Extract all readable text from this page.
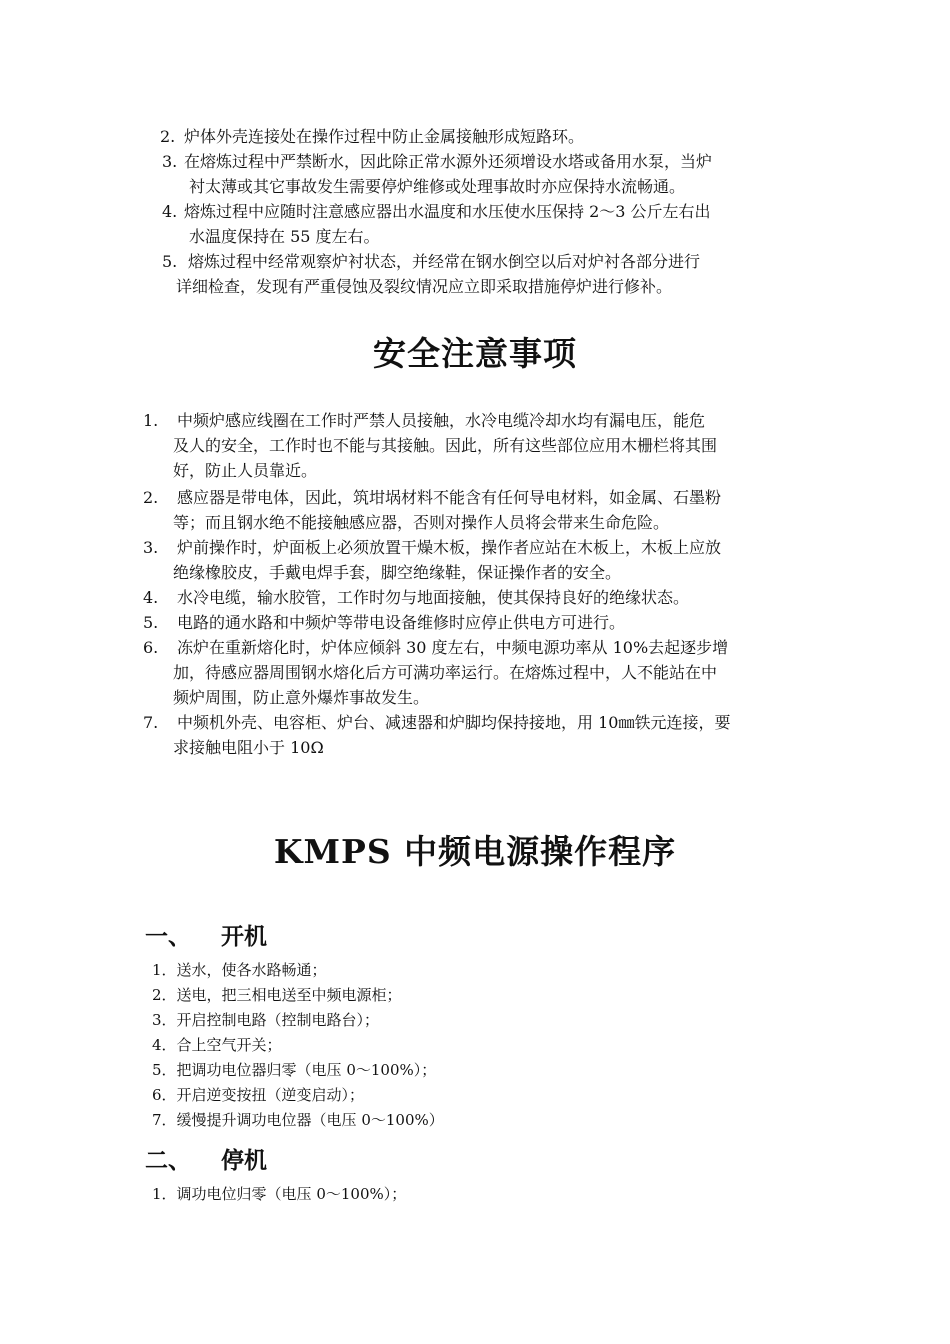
2. 炉体外壳连接处在操作过程中防止金属接触形成短路环。
3. 在熔炼过程中严禁断水，因此除正常水源外还须增设水塔或备用水泵，当炉
衬太薄或其它事故发生需要停炉维修或处理事故时亦应保持水流畅通。
4. 熔炼过程中应随时注意感应器出水温度和水压使水压保持 2～3 公斤左右出
水温度保持在 55 度左右。
5. 熔炼过程中经常观察炉衬状态，并经常在钢水倒空以后对炉衬各部分进行
详细检查，发现有严重侵蚀及裂纹情况应立即采取措施停炉进行修补。
安全注意事项
1. 中频炉感应线圈在工作时严禁人员接触，水冷电缆冷却水均有漏电压，能危
及人的安全，工作时也不能与其接触。因此，所有这些部位应用木栅栏将其围
好，防止人员靠近。
2. 感应器是带电体，因此，筑坩埚材料不能含有任何导电材料，如金属、石墨粉
等；而且钢水绝不能接触感应器，否则对操作人员将会带来生命危险。
3. 炉前操作时，炉面板上必须放置干燥木板，操作者应站在木板上，木板上应放
绝缘橡胶皮，手戴电焊手套，脚空绝缘鞋，保证操作者的安全。
4. 水冷电缆，输水胶管，工作时勿与地面接触，使其保持良好的绝缘状态。
5. 电路的通水路和中频炉等带电设备维修时应停止供电方可进行。
6. 冻炉在重新熔化时，炉体应倾斜 30 度左右，中频电源功率从 10%去起逐步增
加，待感应器周围钢水熔化后方可满功率运行。在熔炼过程中，人不能站在中
频炉周围，防止意外爆炸事故发生。
7. 中频机外壳、电容柜、炉台、减速器和炉脚均保持接地，用 10㎜铁元连接，要
求接触电阻小于 10Ω
KMPS 中频电源操作程序
一、 开机

1．送水，使各水路畅通；

2．送电，把三相电送至中频电源柜；

3．开启控制电路（控制电路台）；

4．合上空气开关；

5．把调功电位器归零（电压 0～100%）；

6．开启逆变按扭（逆变启动）；

7．缓慢提升调功电位器（电压 0～100%）

二、 停机

1．调功电位归零（电压 0～100%）；
